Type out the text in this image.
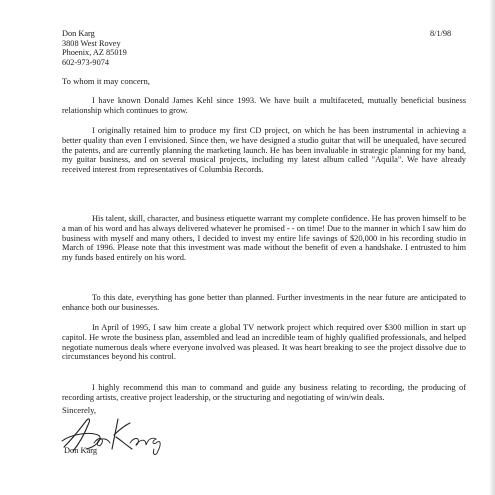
Don Karg
3808 West Rovey
Phoenix, AZ 85019
602-973-9074
8/1/98
To whom it may concern,

I have known Donald James Kehl since 1993. We have built a multifaceted, mutually beneficial business relationship which continues to grow.

I originally retained him to produce my first CD project, on which he has been instrumental in achieving a better quality than even I envisioned. Since then, we have designed a studio guitar that will be unequaled, have secured the patents, and are currently planning the marketing launch. He has been invaluable in strategic planning for my band, my guitar business, and on several musical projects, including my latest album called "Aquila". We have already received interest from representatives of Columbia Records.

His talent, skill, character, and business etiquette warrant my complete confidence. He has proven himself to be a man of his word and has always delivered whatever he promised - - on time! Due to the manner in which I saw him do business with myself and many others, I decided to invest my entire life savings of $20,000 in his recording studio in March of 1996. Please note that this investment was made without the benefit of even a handshake. I entrusted to him my funds based entirely on his word.

To this date, everything has gone better than planned. Further investments in the near future are anticipated to enhance both our businesses.

In April of 1995, I saw him create a global TV network project which required over $300 million in start up capitol. He wrote the business plan, assembled and lead an incredible team of highly qualified professionals, and helped negotiate numerous deals where everyone involved was pleased. It was heart breaking to see the project dissolve due to circumstances beyond his control.

I highly recommend this man to command and guide any business relating to recording, the producing of recording artists, creative project leadership, or the structuring and negotiating of win/win deals.

Sincerely,
Don Karg
